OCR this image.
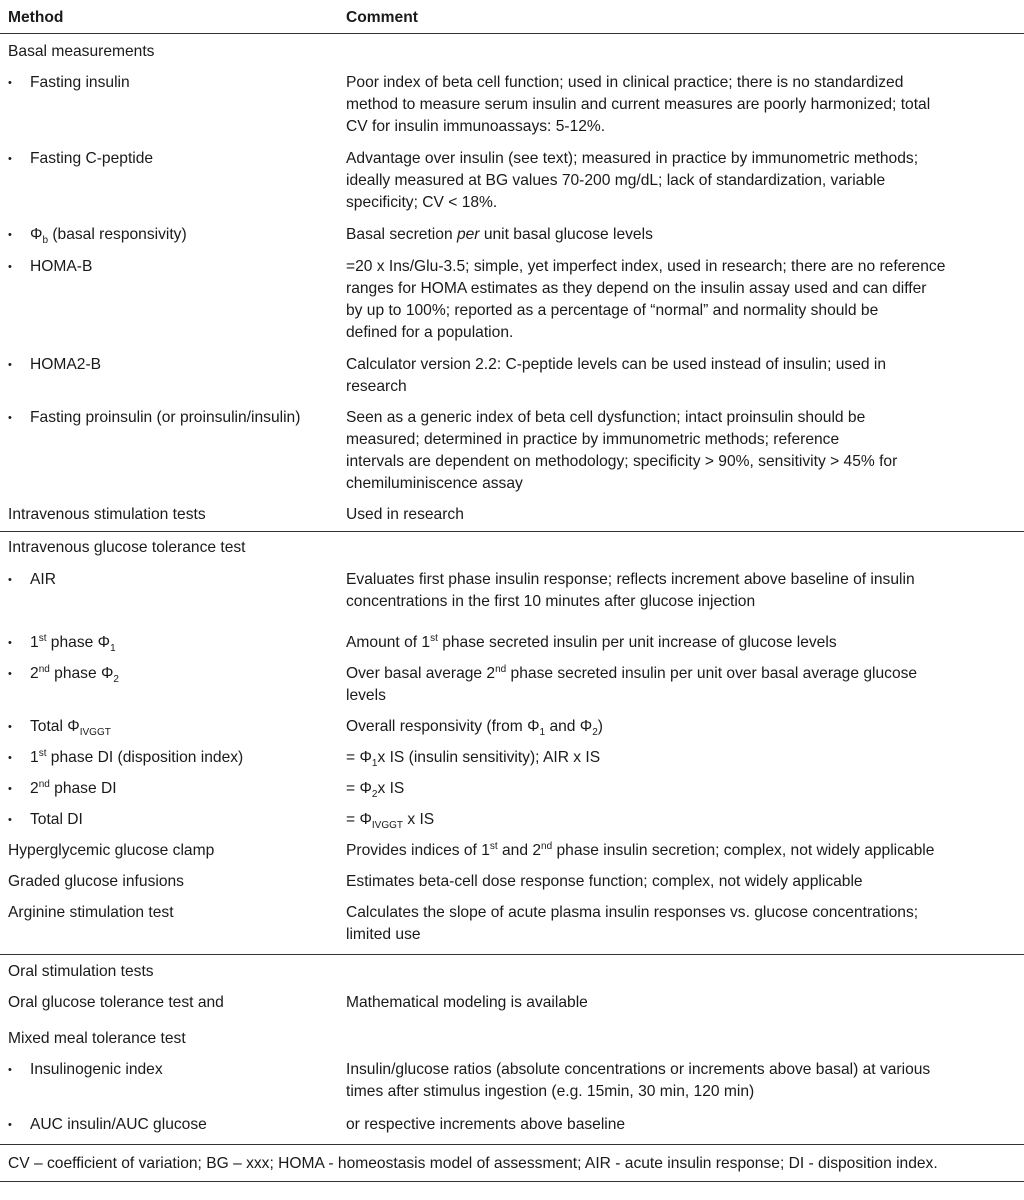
Method	Comment
Basal measurements
• Fasting insulin	Poor index of beta cell function; used in clinical practice; there is no standardized
method to measure serum insulin and current measures are poorly harmonized; total
CV for insulin immunoassays: 5-12%.
• Fasting C-peptide	Advantage over insulin (see text); measured in practice by immunometric methods;
ideally measured at BG values 70-200 mg/dL; lack of standardization, variable
specificity; CV < 18%.
• $\Phi_b$ (basal responsivity)	Basal secretion per unit basal glucose levels
• HOMA-B	=20 x Ins/Glu-3.5; simple, yet imperfect index, used in research; there are no reference
ranges for HOMA estimates as they depend on the insulin assay used and can differ
by up to 100%; reported as a percentage of “normal” and normality should be
defined for a population.
• HOMA2-B	Calculator version 2.2: C-peptide levels can be used instead of insulin; used in
research
• Fasting proinsulin (or proinsulin/insulin)	Seen as a generic index of beta cell dysfunction; intact proinsulin should be
measured; determined in practice by immunometric methods; reference
intervals are dependent on methodology; specificity > 90%, sensitivity > 45% for
chemiluminiscence assay
Intravenous stimulation tests	Used in research
Intravenous glucose tolerance test
• AIR	Evaluates first phase insulin response; reflects increment above baseline of insulin
concentrations in the first 10 minutes after glucose injection
• 1st phase $\Phi_1$	Amount of 1st phase secreted insulin per unit increase of glucose levels
• 2nd phase $\Phi_2$	Over basal average 2nd phase secreted insulin per unit over basal average glucose
levels
• Total $\Phi_{IVGGT}$	Overall responsivity (from $\Phi_1$ and $\Phi_2$)
• 1st phase DI (disposition index)	= $\Phi_1x$ IS (insulin sensitivity); AIR x IS
• 2nd phase DI	= $\Phi_2x$ IS
• Total DI	= $\Phi_{IVGGT}$ x IS
Hyperglycemic glucose clamp	Provides indices of 1st and 2nd phase insulin secretion; complex, not widely applicable
Graded glucose infusions	Estimates beta-cell dose response function; complex, not widely applicable
Arginine stimulation test	Calculates the slope of acute plasma insulin responses vs. glucose concentrations;
limited use
Oral stimulation tests
Oral glucose tolerance test and	Mathematical modeling is available
Mixed meal tolerance test
• Insulinogenic index	Insulin/glucose ratios (absolute concentrations or increments above basal) at various
times after stimulus ingestion (e.g. 15min, 30 min, 120 min)
• AUC insulin/AUC glucose	or respective increments above baseline
CV – coefficient of variation; BG – xxx; HOMA - homeostasis model of assessment; AIR - acute insulin response; DI - disposition index.
